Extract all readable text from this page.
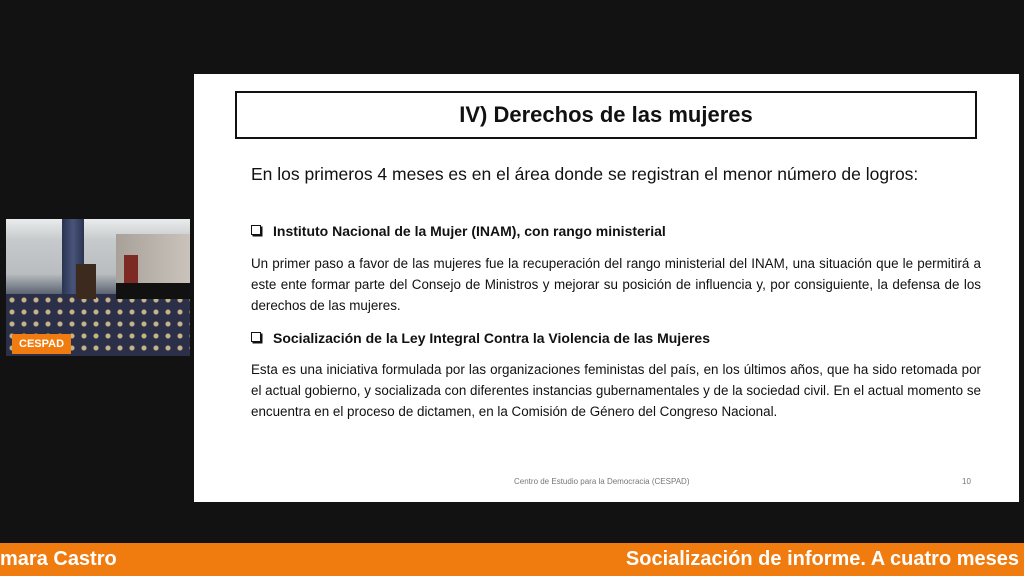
IV) Derechos de las mujeres
En los primeros 4 meses es en el área donde se registran el menor número de logros:
Instituto Nacional de la Mujer (INAM), con rango ministerial
Un primer paso a favor de las mujeres fue la recuperación del rango ministerial del INAM, una situación que le permitirá a este ente formar parte del Consejo de Ministros y mejorar su posición de influencia y, por consiguiente, la defensa de los derechos de las mujeres.
Socialización de la Ley Integral Contra la Violencia de las Mujeres
Esta es una iniciativa formulada por las organizaciones feministas del país, en los últimos años, que ha sido retomada por el actual gobierno, y socializada con diferentes instancias gubernamentales y de la sociedad civil. En el actual momento se encuentra en el proceso de dictamen, en la Comisión de Género del Congreso Nacional.
Centro de Estudio para la Democracia (CESPAD)	10
CESPAD
mara Castro	Socialización de informe. A cuatro meses
